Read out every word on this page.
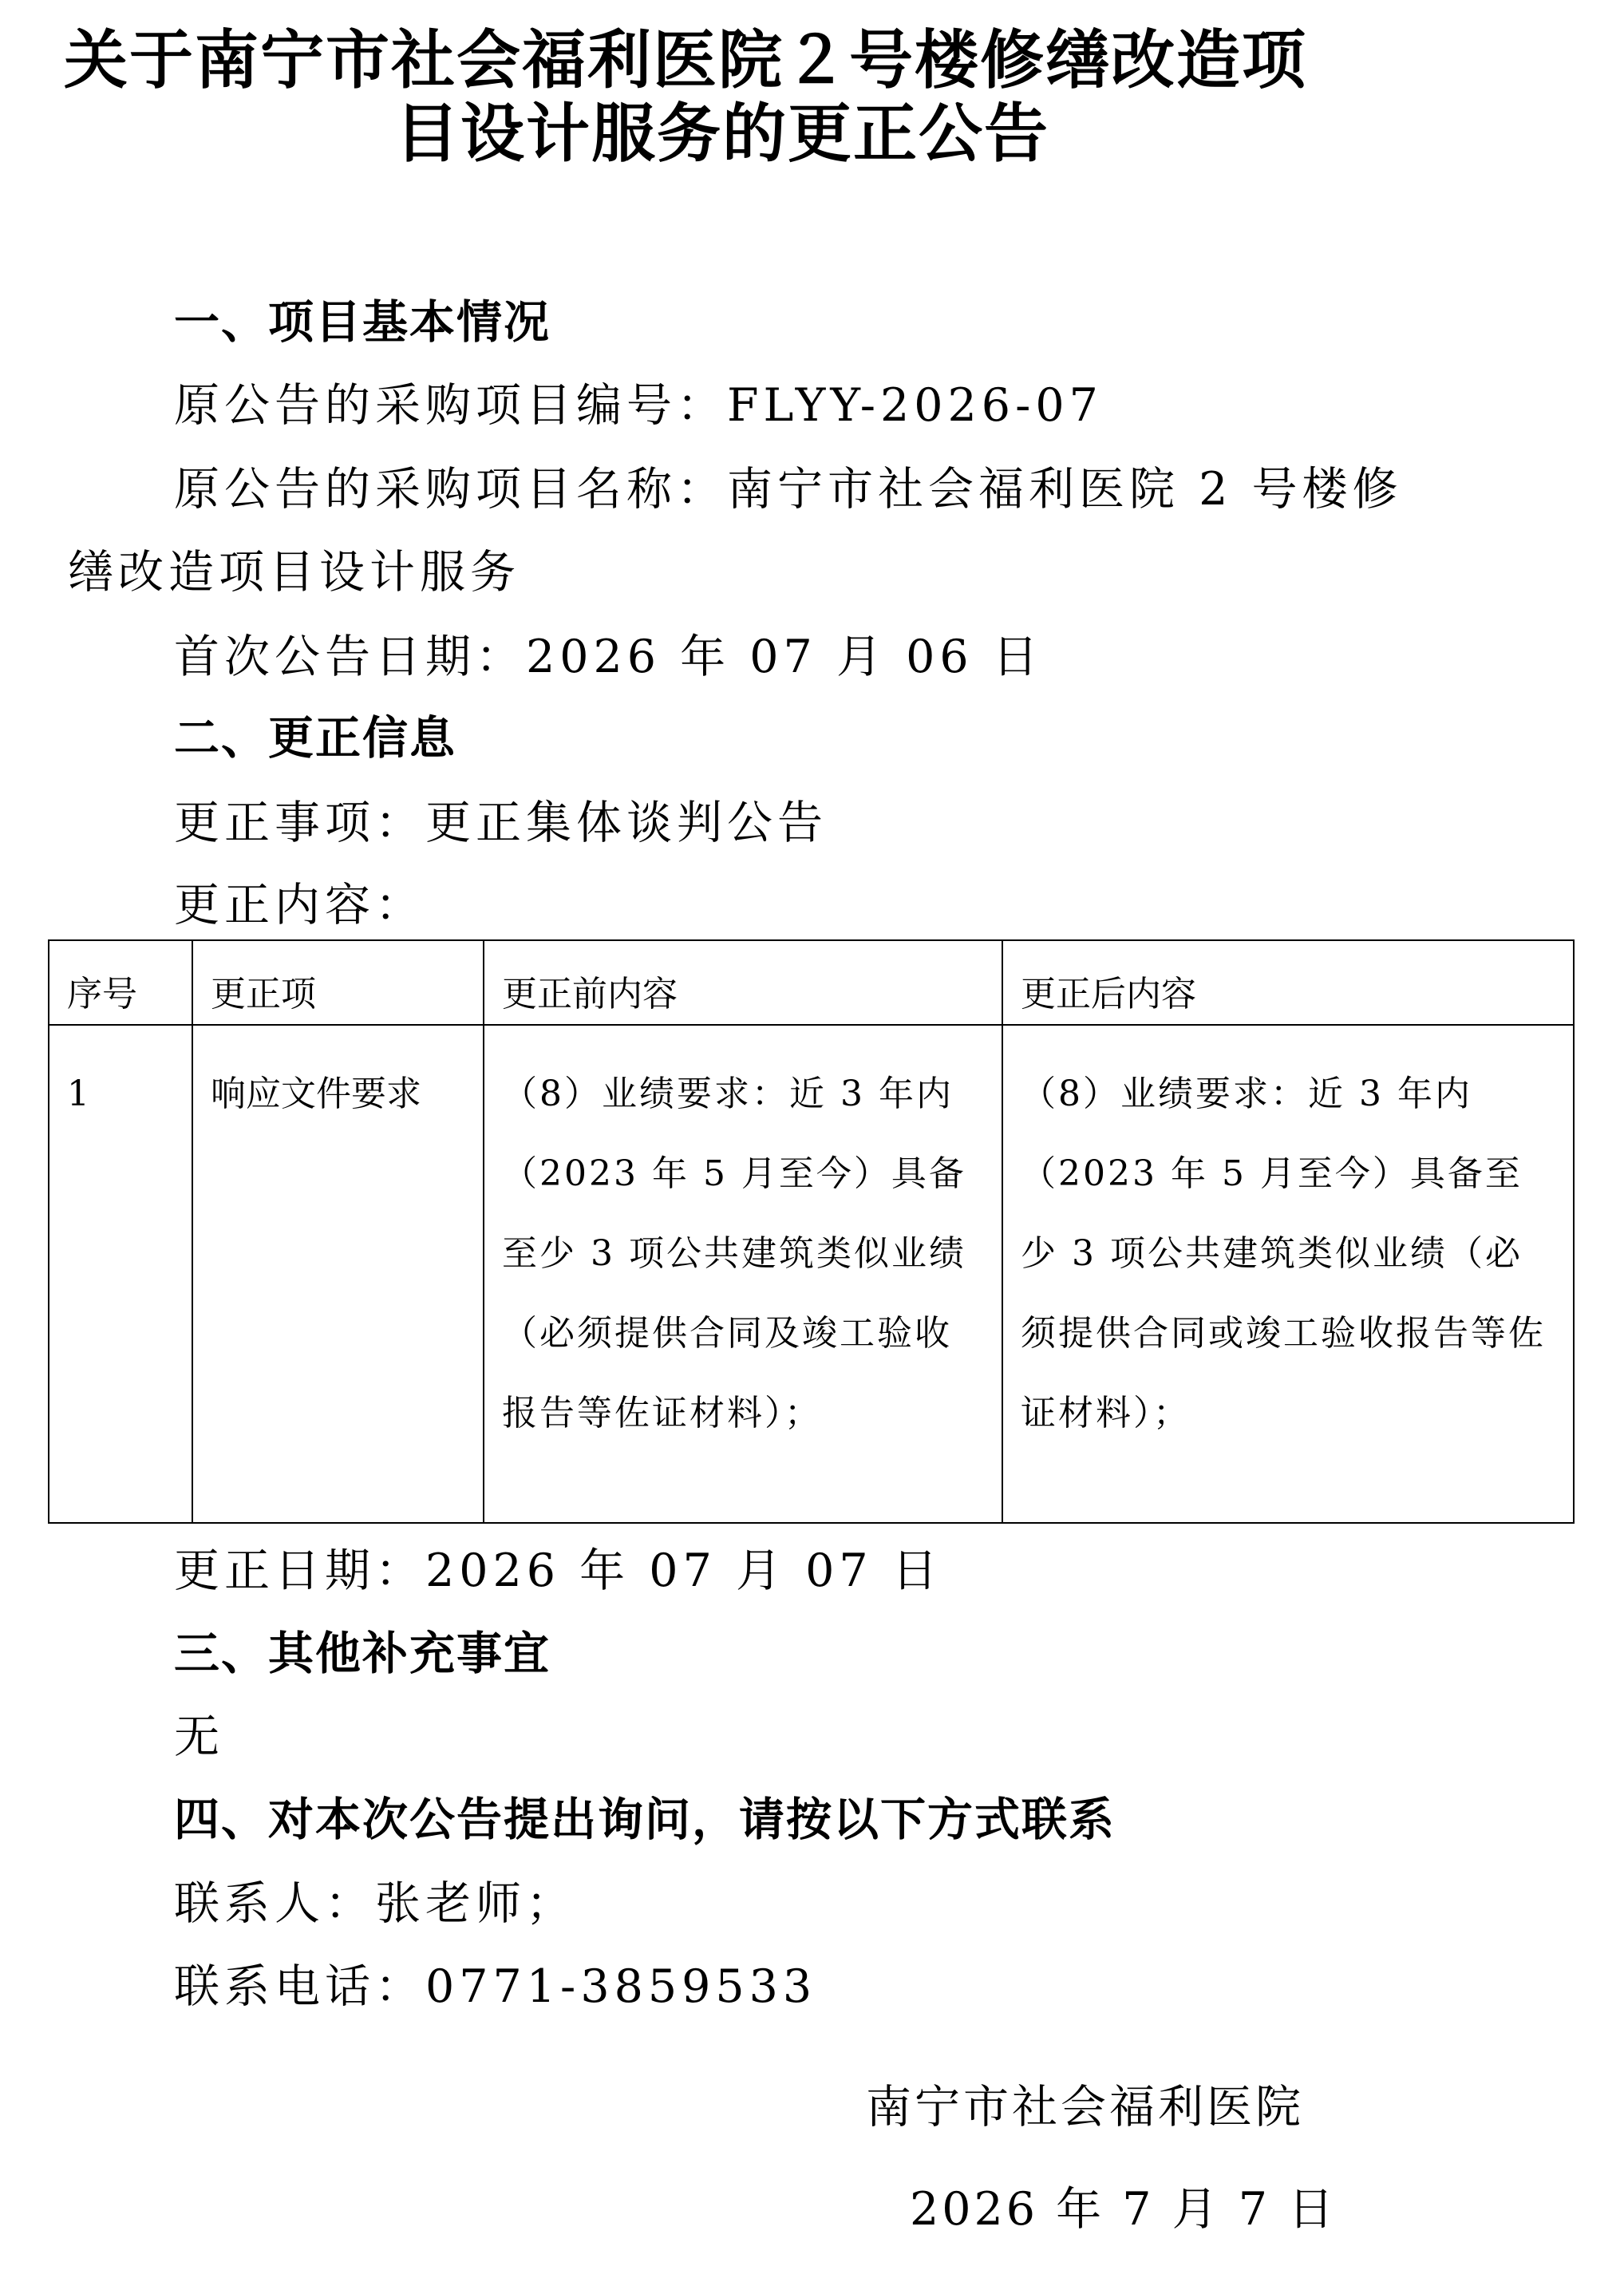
关于南宁市社会福利医院２号楼修缮改造项
目设计服务的更正公告
一、项目基本情况
原公告的采购项目编号：FLYY-2026-07
原公告的采购项目名称：南宁市社会福利医院 2 号楼修
缮改造项目设计服务
首次公告日期：2026 年 07 月 06 日
二、更正信息
更正事项：更正集体谈判公告
更正内容：
序号	更正项	更正前内容	更正后内容
1	响应文件要求	（8）业绩要求：近 3 年内（2023 年 5 月至今）具备至少 3 项公共建筑类似业绩（必须提供合同及竣工验收报告等佐证材料）；	（8）业绩要求：近 3 年内（2023 年 5 月至今）具备至少 3 项公共建筑类似业绩（必须提供合同或竣工验收报告等佐证材料）；
更正日期：2026 年 07 月 07 日
三、其他补充事宜
无
四、对本次公告提出询问，请按以下方式联系
联系人：张老师；
联系电话：0771-3859533
南宁市社会福利医院
2026 年 7 月 7 日
